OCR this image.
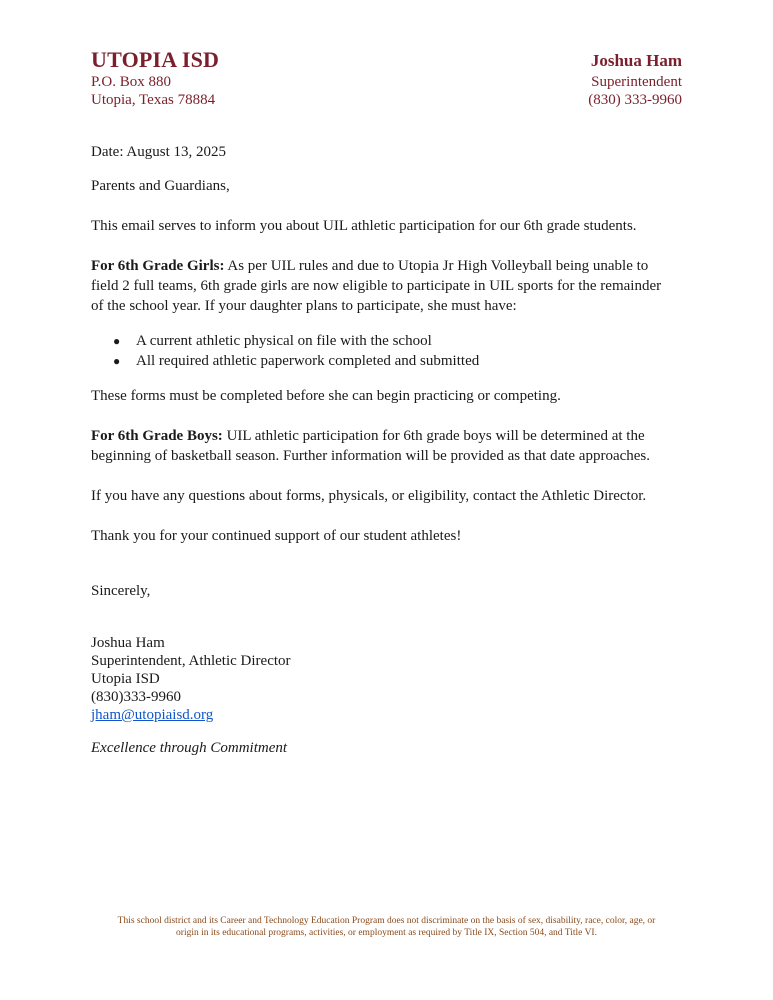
UTOPIA ISD
P.O. Box 880
Utopia, Texas 78884
Joshua Ham
Superintendent
(830) 333-9960

Date: August 13, 2025

Parents and Guardians,

This email serves to inform you about UIL athletic participation for our 6th grade students.

For 6th Grade Girls: As per UIL rules and due to Utopia Jr High Volleyball being unable to

field 2 full teams, 6th grade girls are now eligible to participate in UIL sports for the remainder

of the school year. If your daughter plans to participate, she must have:

● A current athletic physical on file with the school
● All required athletic paperwork completed and submitted

These forms must be completed before she can begin practicing or competing.

For 6th Grade Boys: UIL athletic participation for 6th grade boys will be determined at the

beginning of basketball season. Further information will be provided as that date approaches.

If you have any questions about forms, physicals, or eligibility, contact the Athletic Director.

Thank you for your continued support of our student athletes!

Sincerely,

Joshua Ham
Superintendent, Athletic Director
Utopia ISD
(830)333-9960
jham@utopiaisd.org
Excellence through Commitment
This school district and its Career and Technology Education Program does not discriminate on the basis of sex, disability, race, color, age, or
origin in its educational programs, activities, or employment as required by Title IX, Section 504, and Title VI.
